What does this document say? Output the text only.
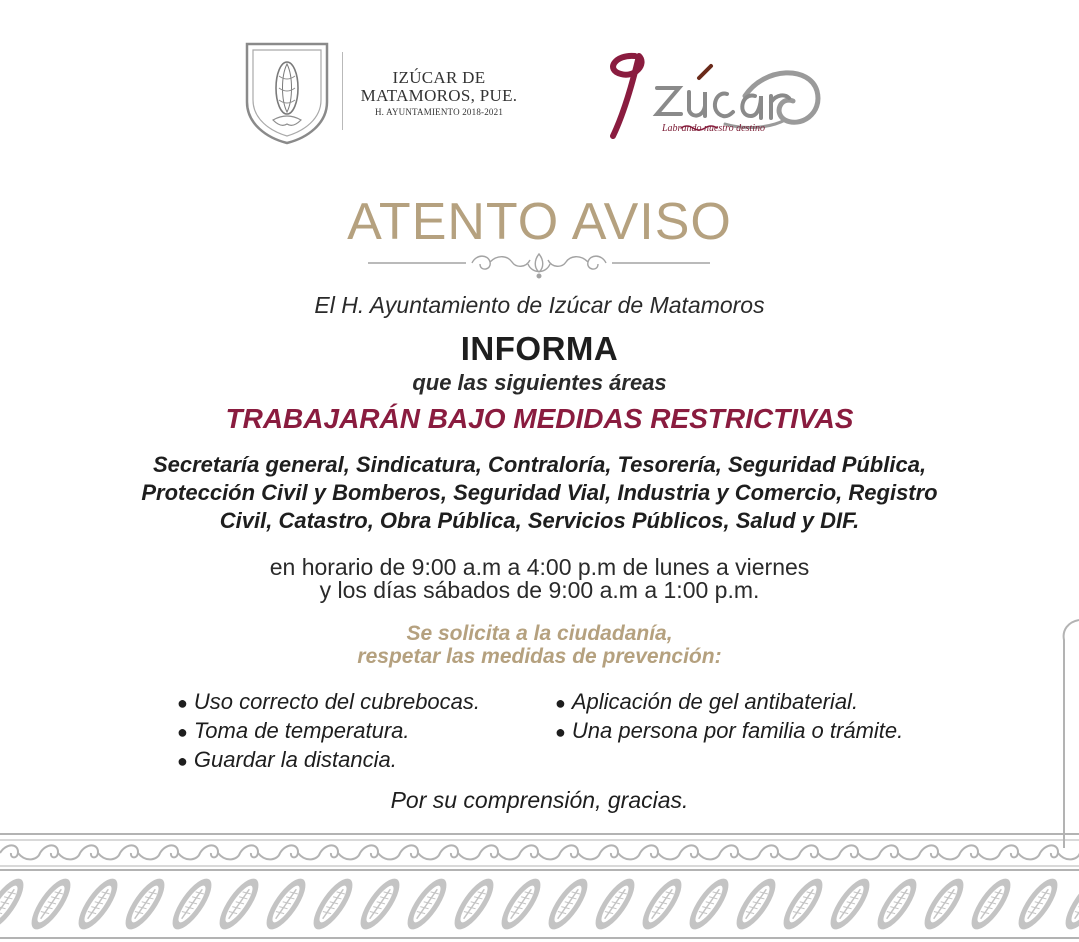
IZÚCAR DE
MATAMOROS, PUE.
H. AYUNTAMIENTO 2018-2021
Labrando nuestro destino
ATENTO AVISO
El H. Ayuntamiento de Izúcar de Matamoros
INFORMA
que las siguientes áreas
TRABAJARÁN BAJO MEDIDAS RESTRICTIVAS
Secretaría general, Sindicatura, Contraloría, Tesorería, Seguridad Pública,
Protección Civil y Bomberos, Seguridad Vial, Industria y Comercio, Registro
Civil, Catastro, Obra Pública, Servicios Públicos, Salud y DIF.
en horario de 9:00 a.m a 4:00 p.m de lunes a viernes
y los días sábados de 9:00 a.m a 1:00 p.m.
Se solicita a la ciudadanía,
respetar las medidas de prevención:
● Uso correcto del cubrebocas.
● Toma de temperatura.
● Guardar la distancia.
● Aplicación de gel antibaterial.
● Una persona por familia o trámite.
Por su comprensión, gracias.
